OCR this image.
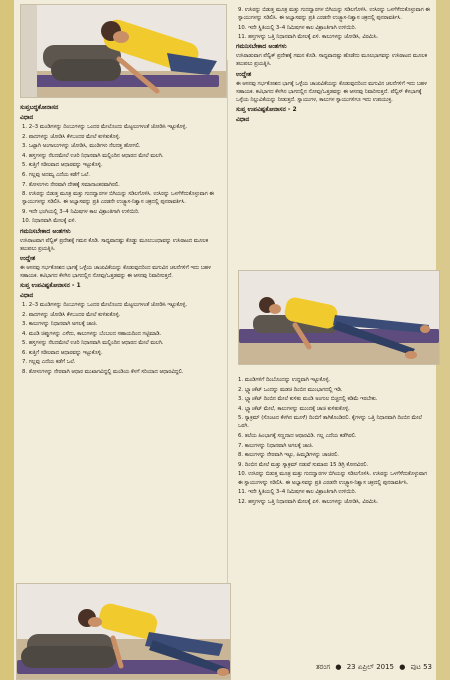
ಸುಪ್ತಬದ್ಧಕೋನಾಸನ
ವಿಧಾನ

1. 2–3 ಮಂಡಿಗಳನ್ನು ದಿಂಬುಗಳನ್ನು ಒಂದರ ಮೇಲೊಂದು ಮೆಟ್ಟಲುಗಳಂತೆ ಜೋಡಿಸಿ ಇಟ್ಟುಕೊಳ್ಳಿ.

2. ಪಾದಗಳನ್ನು ಜೋಡಿಸಿ ಕೆಳಬಂದರ ಮೇಲೆ ಕುಳಿತುಕೊಳ್ಳಿ.

3. ಒಟ್ಟಾಗಿ ಅಂಗಾಲುಗಳನ್ನು ಜೋಡಿಸಿ, ಮಂಡಿಗಳು ನೆಲದತ್ತ ಹೋಗಲಿ.

4. ಹಸ್ತಗಳನ್ನು ನೆಲದಮೇಲೆ ಊರಿ ನಿಧಾನವಾಗಿ ಮಲ್ಲಿಂದಿನ ಆಧಾರದ ಮೇಲೆ ಮಲಗಿ.

5. ಕುತ್ತಿಗೆ ಸಡಿಲವಾದ ಆಧಾರವನ್ನು ಇಟ್ಟುಕೊಳ್ಳಿ.

6. ಗಲ್ಲವು ಅದಮ್ಯ ಎದೆಯ ಕಡೆಗೆ ಒಲೆ.

7. ತೋಳುಗಳು ನೇರವಾಗಿ ದೇಹಕ್ಕೆ ಸಮಾನಾಂತರವಾಗಿರಲಿ.

8. ಉಸಿರನ್ನು ಬಿಡುತ್ತ ಮೂತ್ರ ಮತ್ತು ಗುದದ್ವಾರಗಳ ಬಿಗಿಯನ್ನು ಸಡಿಲಗೊಳಿಸಿ. ಉಸಿರನ್ನು ಒಳಗೆಳೆದುಕೊಳ್ಳುವಾಗ ಈ ಸ್ನಾಯುಗಳನ್ನು ಸಡಿಲಿಸಿ. ಈ ಅಭ್ಯಾಸವನ್ನು ಪ್ರತಿ ಎರಡನೇ ಉಚ್ಛ್ವಾಸ-ನಿಶ್ವಾಸ ಚಕ್ರದಲ್ಲಿ ಪುನರಾವರ್ತಿಸಿ.

9. ಇದೇ ಭಂಗಿಯಲ್ಲಿ 3–4 ನಿಮಿಷಗಳ ಕಾಲ ವಿಶ್ರಾಂತಿಗಾಗಿ ಉಳಿಯಿರಿ.

10. ನಿಧಾನವಾಗಿ ಮೇಲಕ್ಕೆ ಏಳಿ.

ಗಮನಿಸಬೇಕಾದ ಅಂಶಗಳು

ಉಸಿರಾಟವಾಗ ಪೆಲ್ವಿಕ್ ಪ್ರದೇಶಕ್ಕೆ ಗಮನ ಕೊಡಿ. ಸಾಧ್ಯವಾದಷ್ಟು ಕೊಡ್ಡು ಮೂಲಬಂಧಾವನ್ನು ಉಸಿರಾಟದ ಮೂಲಕ ತಲುಪಲು ಪ್ರಯತ್ನಿಸಿ.

ಉದ್ದೇಶ

ಈ ಆಸನವು ಗರ್ಭಕೋಶದ ಭಾಗಕ್ಕೆ ಒಳ್ಳೆಯ ಚಾಚುವಿಕೆಯನ್ನು ಕೊಡುವುದರಿಂದ ಮಗುವಿನ ಚಲನೆಗಳಿಗೆ ಇದು ಬಹಳ ಸಹಾಯಕ. ಕಟಿಭಾಗದ ಕೆಳಗಿನ ಭಾಗದಲ್ಲಿನ ನೋವು/ಒತ್ತಡವನ್ನು ಈ ಆಸನವು ನಿವಾರಿಸುತ್ತದೆ.

ಸುಪ್ತ ಉಪವಿಷ್ಟಕೋನಾಸನ - 1
ವಿಧಾನ

1. 2–3 ಮಂಡಿಗಳನ್ನು ದಿಂಬುಗಳನ್ನು ಒಂದರ ಮೇಲೊಂದು ಮೆಟ್ಟಲುಗಳಂತೆ ಜೋಡಿಸಿ ಇಟ್ಟುಕೊಳ್ಳಿ.

2. ಪಾದಗಳನ್ನು ಜೋಡಿಸಿ ಕೆಳಬಂದರ ಮೇಲೆ ಕುಳಿತುಕೊಳ್ಳಿ.

3. ಕಾಲುಗಳನ್ನು ನಿಧಾನವಾಗಿ ಅಗಲಕ್ಕೆ ಚಾಚಿ.

4. ಮಂಡಿ ಚಿಪ್ಪುಗಳನ್ನು ಎಳೆದು, ಕಾಲುಗಳನ್ನು ಬೆಂಬಲದ ಸಹಾಯದಿಂದ ಗಟ್ಟಿಮಾಡಿ.

5. ಹಸ್ತಗಳನ್ನು ನೆಲದಮೇಲೆ ಊರಿ ನಿಧಾನವಾಗಿ ಮಲ್ಲಿಂದಿನ ಆಧಾರದ ಮೇಲೆ ಮಲಗಿ.

6. ಕುತ್ತಿಗೆ ಸಡಿಲವಾದ ಆಧಾರವನ್ನು ಇಟ್ಟುಕೊಳ್ಳಿ.

7. ಗಲ್ಲವು ಎದೆಯ ಕಡೆಗೆ ಒಲೆ.

8. ತೋಳುಗಳನ್ನು ನೇರವಾಗಿ ಆಧಾರ ಮುಖಾಗವಿದ್ದಲ್ಲಿ ಮಂಡಿಯ ಕೆಳಗೆ ಸರಿಯಾದ ಆಧಾರವಿದ್ದಲಿ.

9. ಉಸಿರನ್ನು ಬಿಡುತ್ತ ಮೂತ್ರ ಮತ್ತು ಗುದದ್ವಾರಗಳ ಬಿಗಿಯನ್ನು ಸಡಿಲಗೊಳಿಸಿ. ಉಸಿರನ್ನು ಒಳಗೆಳೆದುಕೊಳ್ಳುವಾಗ ಈ ಸ್ನಾಯುಗಳನ್ನು ಸಡಿಲಿಸಿ. ಈ ಅಭ್ಯಾಸವನ್ನು ಪ್ರತಿ ಎರಡನೇ ಉಚ್ಛ್ವಾಸ-ನಿಶ್ವಾಸ ಚಕ್ರದಲ್ಲಿ ಪುನರಾವರ್ತಿಸಿ.

10. ಇದೇ ಸ್ಥಿತಿಯಲ್ಲಿ 3–4 ನಿಮಿಷಗಳ ಕಾಲ ವಿಶ್ರಾಂತಿಗಾಗಿ ಉಳಿಯಿರಿ.

11. ಹಸ್ತಗಳನ್ನು ಒತ್ತಿ ನಿಧಾನವಾಗಿ ಮೇಲಕ್ಕೆ ಏಳಿ. ಕಾಲುಗಳನ್ನು ಜೋಡಿಸಿ, ವಿರಮಿಸಿ.

ಗಮನಿಸಬೇಕಾದ ಅಂಶಗಳು

ಉಸಿರಾಡುವಾಗ ಪೆಲ್ವಿಕ್ ಪ್ರದೇಶಕ್ಕೆ ಗಮನ ಕೊಡಿ. ಸಾಧ್ಯವಾದಷ್ಟು ಹೊಡೆದು ಮೂಲಭಾಗವನ್ನು ಉಸಿರಾಟದ ಮೂಲಕ ತಲುಪಲು ಪ್ರಯತ್ನಿಸಿ.

ಉದ್ದೇಶ

ಈ ಆಸನವು ಗರ್ಭಕೋಶದ ಭಾಗಕ್ಕೆ ಒಳ್ಳೆಯ ಚಾಚುವಿಕೆಯನ್ನು ಕೊಡುವುದರಿಂದ ಮಗುವಿನ ಚಲನೆಗಳಿಗೆ ಇದು ಬಹಳ ಸಹಾಯಕ. ಕಟಿಭಾಗದ ಕೆಳಗಿನ ಭಾಗದಲ್ಲಿನ ನೋವು/ಒತ್ತಡವನ್ನು ಈ ಆಸನವು ನಿವಾರಿಸುತ್ತದೆ. ಪೆಲ್ವಿಸ್ ಕೆಳಭಾಗಕ್ಕೆ ಒಳ್ಳೆಯ ನಿಲ್ಲುವಿಕೆಯನ್ನು ನೀಡುತ್ತದೆ. ಸ್ನಾಯುಗಳ, ಕಾಲುಗಳ ಸ್ನಾಯುಗಳಿಗೂ ಇದು ಉಪಯುಕ್ತ.

ಸುಪ್ತ ಉಪವಿಷ್ಟಕೋನಾಸನ - 2
ವಿಧಾನ

1. ಮಂಡಿಗಳಿಗೆ ದಿಂಬೊಂದನ್ನು ಉದ್ದವಾಗಿ ಇಟ್ಟುಕೊಳ್ಳಿ.

2. ಬ್ಲ್ಯಾಂಕೆಟ್ ಒಂದನ್ನು ಮಡಚಿ ದಿಂಬಿನ ಮುಂಭಾಗದಲ್ಲಿ ಇಡಿ.

3. ಬ್ಲ್ಯಾಂಕೆಟ್ ದಿಂಬಿನ ಮೇಲೆ ಕುಳಿತು ಮಂಡಿ ಅಂಗುಲ ಬಿಚ್ಚದಲ್ಲಿ ಕಡಿಮೆ ಇರಬೇಕು.

4. ಬ್ಲ್ಯಾಂಕೆಟ್ ಮೇಲೆ, ಕಾಲುಗಳನ್ನು ಮುಂದಕ್ಕೆ ಚಾಚಿ ಕುಳಿತುಕೊಳ್ಳಿ.

5. ಸ್ಯಾಕ್ರಮ್ (ಸೊಂಟದ ಕೆಳಗಿನ ಮೂಳೆ) ದಿಂಬಿಗೆ ತಾಗಿಕೊಂಡಿರಲಿ. ಕೈಗಳನ್ನು ಒತ್ತಿ ನಿಧಾನವಾಗಿ ದಿಂಬಿನ ಮೇಲೆ ಒರಗಿ.

6. ತಲೆಯ ಹಿಂಭಾಗಕ್ಕೆ ಸಣ್ಣದಾದ ಆಧಾರವಿಡಿ. ಗಲ್ಲ ಎದೆಯ ಕಡೆಗಿರಲಿ.

7. ಕಾಲುಗಳನ್ನು ನಿಧಾನವಾಗಿ ಅಗಲಕ್ಕೆ ಚಾಚಿ.

8. ಕಾಲುಗಳನ್ನು ನೇರವಾಗಿ ಇಟ್ಟು, ಹಿಮ್ಮಡಿಗಳನ್ನು ಚಾಚಿರಲಿ.

9. ದಿಂಬಿನ ಮೇಲೆ ಮತ್ತು ಸ್ಯಾಕ್ರಮ್ ನಡುವೆ ಸುಮಾರು 15 ಡಿಗ್ರಿ ಕೋನವಿರಲಿ.

10. ಉಸಿರನ್ನು ಬಿಡುತ್ತ ಮೂತ್ರ ಮತ್ತು ಗುದದ್ವಾರಗಳ ಬಿಗಿಯನ್ನು ಸಡಿಲಗೊಳಿಸಿ. ಉಸಿರನ್ನು ಒಳಗೆಳೆದುಕೊಳ್ಳುವಾಗ ಈ ಸ್ನಾಯುಗಳನ್ನು ಸಡಿಲಿಸಿ. ಈ ಅಭ್ಯಾಸವನ್ನು ಪ್ರತಿ ಎರಡನೇ ಉಚ್ಛ್ವಾಸ-ನಿಶ್ವಾಸ ಚಕ್ರದಲ್ಲಿ ಪುನರಾವರ್ತಿಸಿ.

11. ಇದೇ ಸ್ಥಿತಿಯಲ್ಲಿ 3–4 ನಿಮಿಷಗಳ ಕಾಲ ವಿಶ್ರಾಂತಿಗಾಗಿ ಉಳಿಯಿರಿ.

12. ಹಸ್ತಗಳನ್ನು ಒತ್ತಿ ನಿಧಾನವಾಗಿ ಮೇಲಕ್ಕೆ ಏಳಿ. ಕಾಲುಗಳನ್ನು ಜೋಡಿಸಿ, ವಿರಮಿಸಿ.

ತರಂಗ ● 23 ಏಪ್ರಿಲ್ 2015 ● ಪುಟ 53
